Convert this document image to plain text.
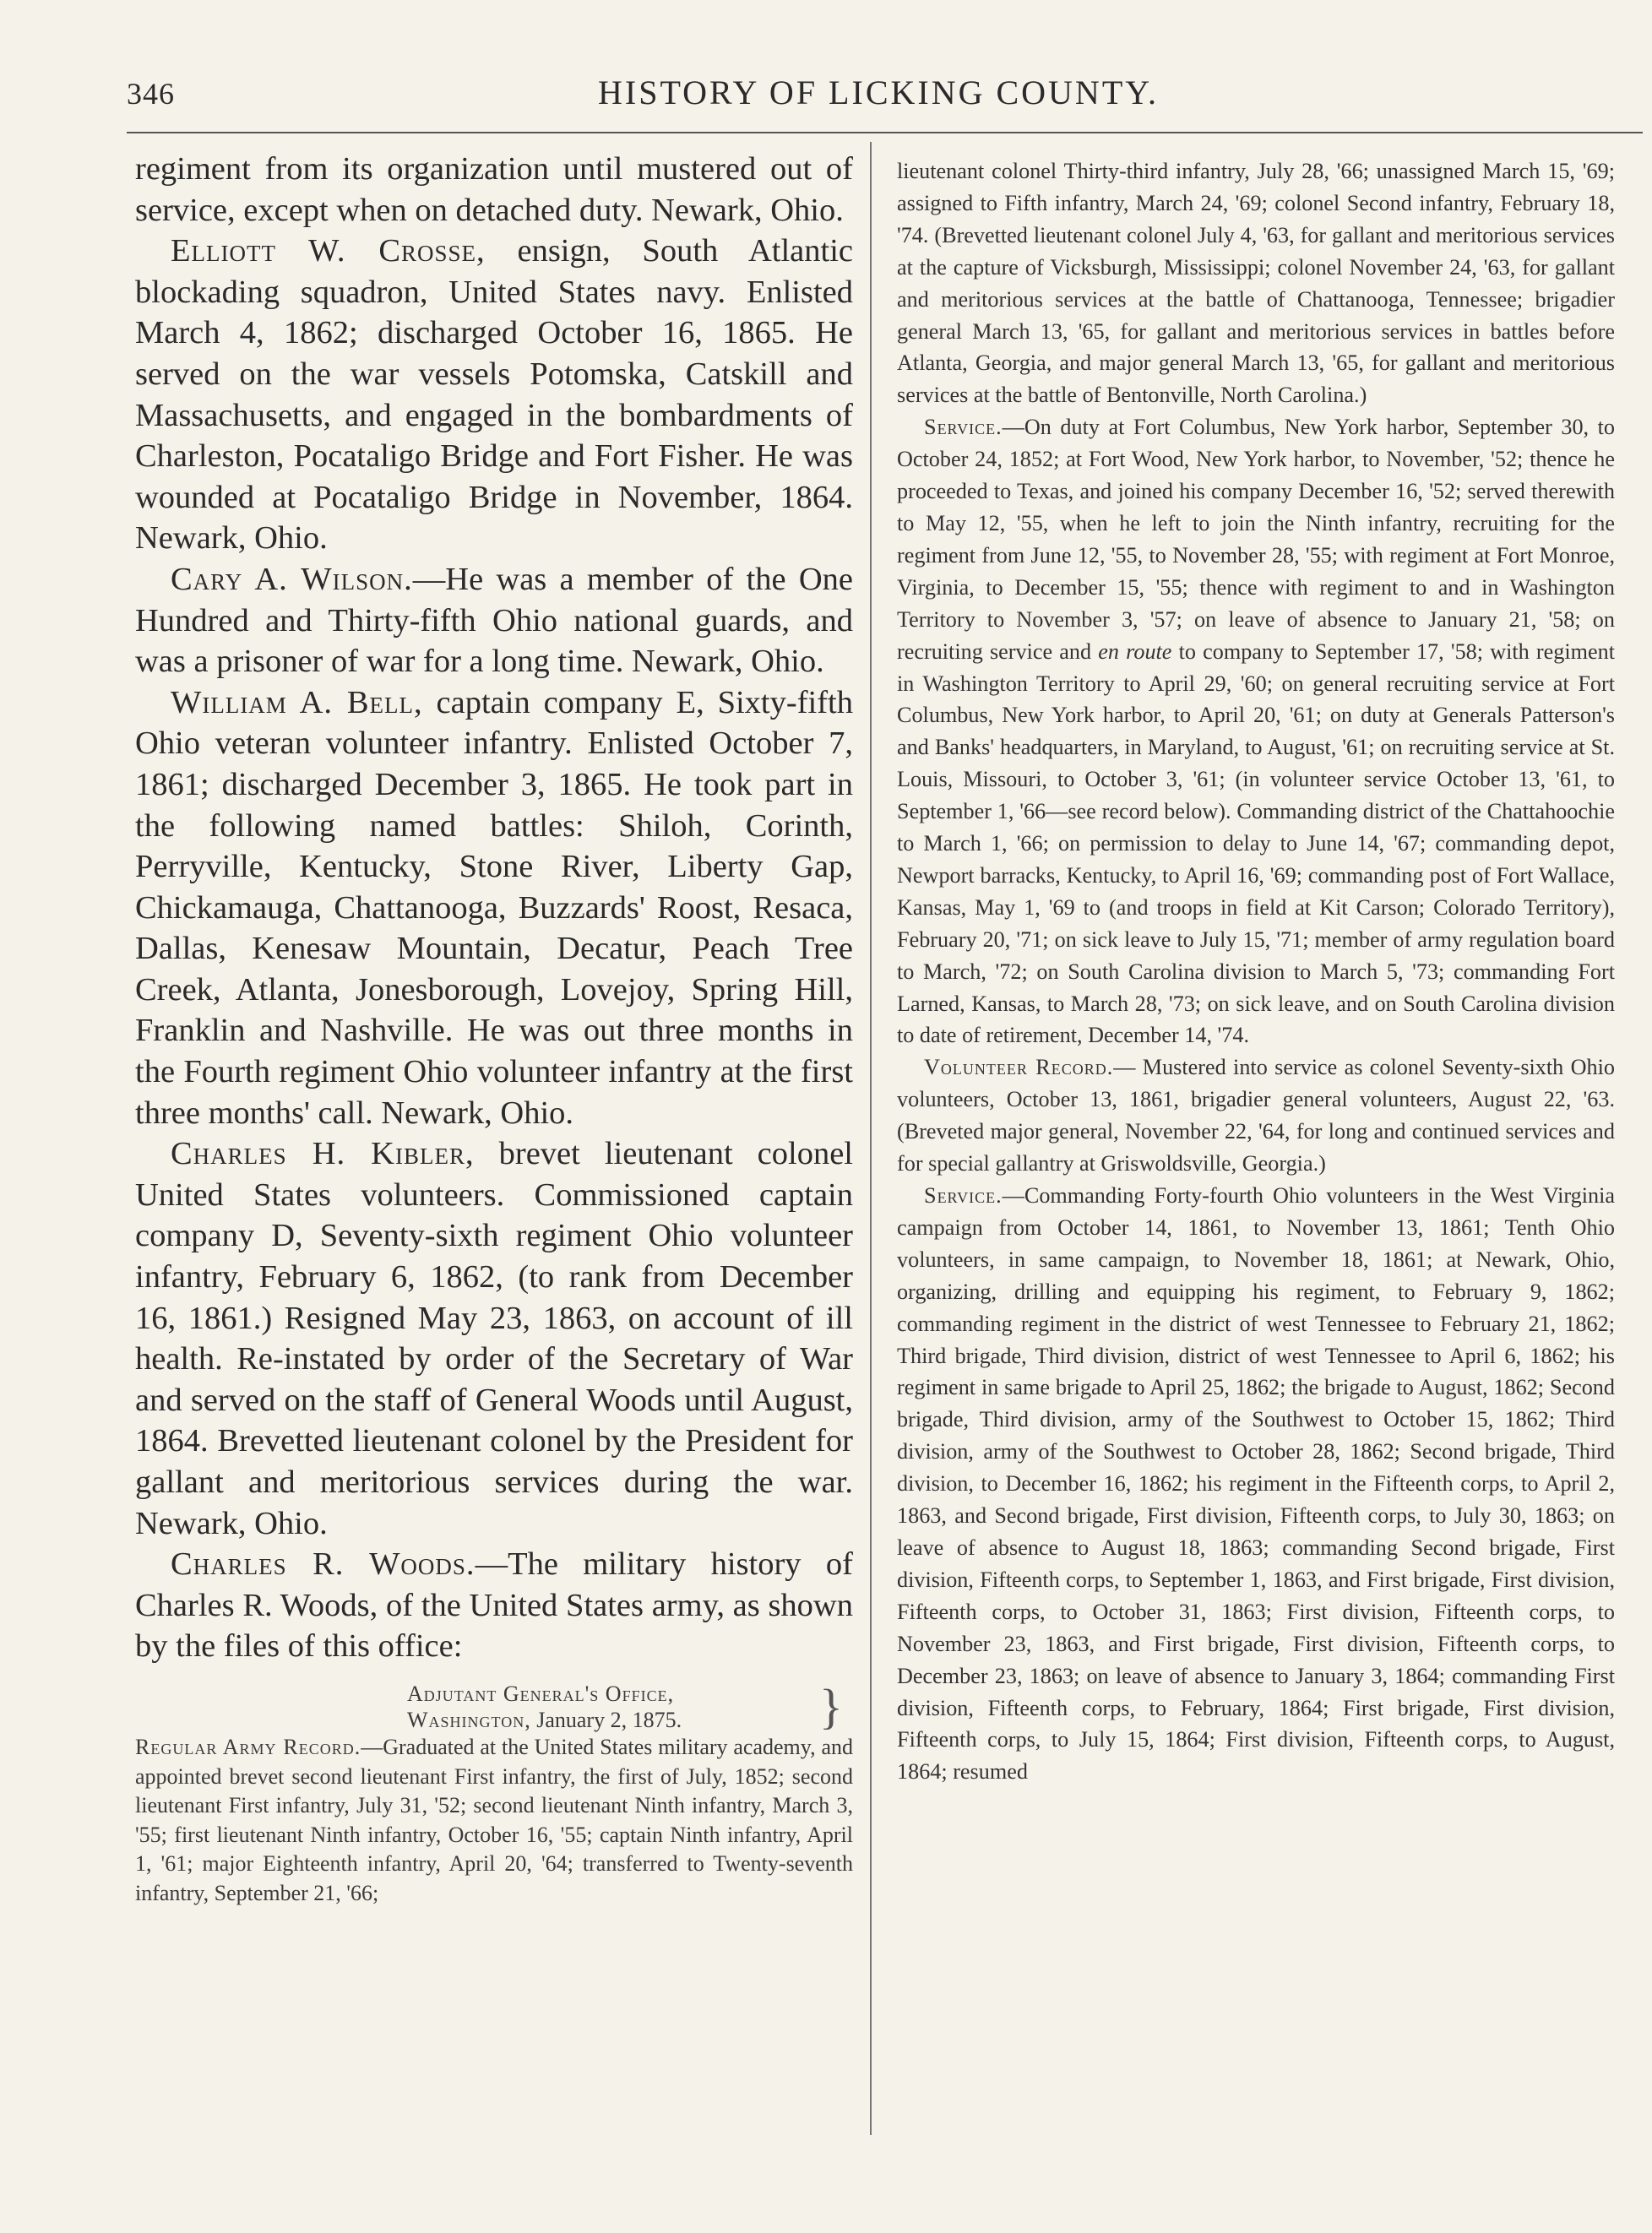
346	HISTORY OF LICKING COUNTY.

regiment from its organization until mustered out of service, except when on detached duty. Newark, Ohio.

Elliott W. Crosse, ensign, South Atlantic blockading squadron, United States navy. Enlisted March 4, 1862; discharged October 16, 1865. He served on the war vessels Potomska, Catskill and Massachusetts, and engaged in the bombardments of Charleston, Pocataligo Bridge and Fort Fisher. He was wounded at Pocataligo Bridge in November, 1864. Newark, Ohio.

Cary A. Wilson.—He was a member of the One Hundred and Thirty-fifth Ohio national guards, and was a prisoner of war for a long time. Newark, Ohio.

William A. Bell, captain company E, Sixty-fifth Ohio veteran volunteer infantry. Enlisted October 7, 1861; discharged December 3, 1865. He took part in the following named battles: Shiloh, Corinth, Perryville, Kentucky, Stone River, Liberty Gap, Chickamauga, Chattanooga, Buzzards' Roost, Resaca, Dallas, Kenesaw Mountain, Decatur, Peach Tree Creek, Atlanta, Jonesborough, Lovejoy, Spring Hill, Franklin and Nashville. He was out three months in the Fourth regiment Ohio volunteer infantry at the first three months' call. Newark, Ohio.

Charles H. Kibler, brevet lieutenant colonel United States volunteers. Commissioned captain company D, Seventy-sixth regiment Ohio volunteer infantry, February 6, 1862, (to rank from December 16, 1861.) Resigned May 23, 1863, on account of ill health. Re-instated by order of the Secretary of War and served on the staff of General Woods until August, 1864. Brevetted lieutenant colonel by the President for gallant and meritorious services during the war. Newark, Ohio.

Charles R. Woods.—The military history of Charles R. Woods, of the United States army, as shown by the files of this office:

Adjutant General's Office,
Washington, January 2, 1875.	}

Regular Army Record.—Graduated at the United States military academy, and appointed brevet second lieutenant First infantry, the first of July, 1852; second lieutenant First infantry, July 31, '52; second lieutenant Ninth infantry, March 3, '55; first lieutenant Ninth infantry, October 16, '55; captain Ninth infantry, April 1, '61; major Eighteenth infantry, April 20, '64; transferred to Twenty-seventh infantry, September 21, '66;

lieutenant colonel Thirty-third infantry, July 28, '66; unassigned March 15, '69; assigned to Fifth infantry, March 24, '69; colonel Second infantry, February 18, '74. (Brevetted lieutenant colonel July 4, '63, for gallant and meritorious services at the capture of Vicksburgh, Mississippi; colonel November 24, '63, for gallant and meritorious services at the battle of Chattanooga, Tennessee; brigadier general March 13, '65, for gallant and meritorious services in battles before Atlanta, Georgia, and major general March 13, '65, for gallant and meritorious services at the battle of Bentonville, North Carolina.)

Service.—On duty at Fort Columbus, New York harbor, September 30, to October 24, 1852; at Fort Wood, New York harbor, to November, '52; thence he proceeded to Texas, and joined his company December 16, '52; served therewith to May 12, '55, when he left to join the Ninth infantry, recruiting for the regiment from June 12, '55, to November 28, '55; with regiment at Fort Monroe, Virginia, to December 15, '55; thence with regiment to and in Washington Territory to November 3, '57; on leave of absence to January 21, '58; on recruiting service and en route to company to September 17, '58; with regiment in Washington Territory to April 29, '60; on general recruiting service at Fort Columbus, New York harbor, to April 20, '61; on duty at Generals Patterson's and Banks' headquarters, in Maryland, to August, '61; on recruiting service at St. Louis, Missouri, to October 3, '61; (in volunteer service October 13, '61, to September 1, '66—see record below). Commanding district of the Chattahoochie to March 1, '66; on permission to delay to June 14, '67; commanding depot, Newport barracks, Kentucky, to April 16, '69; commanding post of Fort Wallace, Kansas, May 1, '69 to (and troops in field at Kit Carson; Colorado Territory), February 20, '71; on sick leave to July 15, '71; member of army regulation board to March, '72; on South Carolina division to March 5, '73; commanding Fort Larned, Kansas, to March 28, '73; on sick leave, and on South Carolina division to date of retirement, December 14, '74.

Volunteer Record.— Mustered into service as colonel Seventy-sixth Ohio volunteers, October 13, 1861, brigadier general volunteers, August 22, '63. (Breveted major general, November 22, '64, for long and continued services and for special gallantry at Griswoldsville, Georgia.)

Service.—Commanding Forty-fourth Ohio volunteers in the West Virginia campaign from October 14, 1861, to November 13, 1861; Tenth Ohio volunteers, in same campaign, to November 18, 1861; at Newark, Ohio, organizing, drilling and equipping his regiment, to February 9, 1862; commanding regiment in the district of west Tennessee to February 21, 1862; Third brigade, Third division, district of west Tennessee to April 6, 1862; his regiment in same brigade to April 25, 1862; the brigade to August, 1862; Second brigade, Third division, army of the Southwest to October 15, 1862; Third division, army of the Southwest to October 28, 1862; Second brigade, Third division, to December 16, 1862; his regiment in the Fifteenth corps, to April 2, 1863, and Second brigade, First division, Fifteenth corps, to July 30, 1863; on leave of absence to August 18, 1863; commanding Second brigade, First division, Fifteenth corps, to September 1, 1863, and First brigade, First division, Fifteenth corps, to October 31, 1863; First division, Fifteenth corps, to November 23, 1863, and First brigade, First division, Fifteenth corps, to December 23, 1863; on leave of absence to January 3, 1864; commanding First division, Fifteenth corps, to February, 1864; First brigade, First division, Fifteenth corps, to July 15, 1864; First division, Fifteenth corps, to August, 1864; resumed
